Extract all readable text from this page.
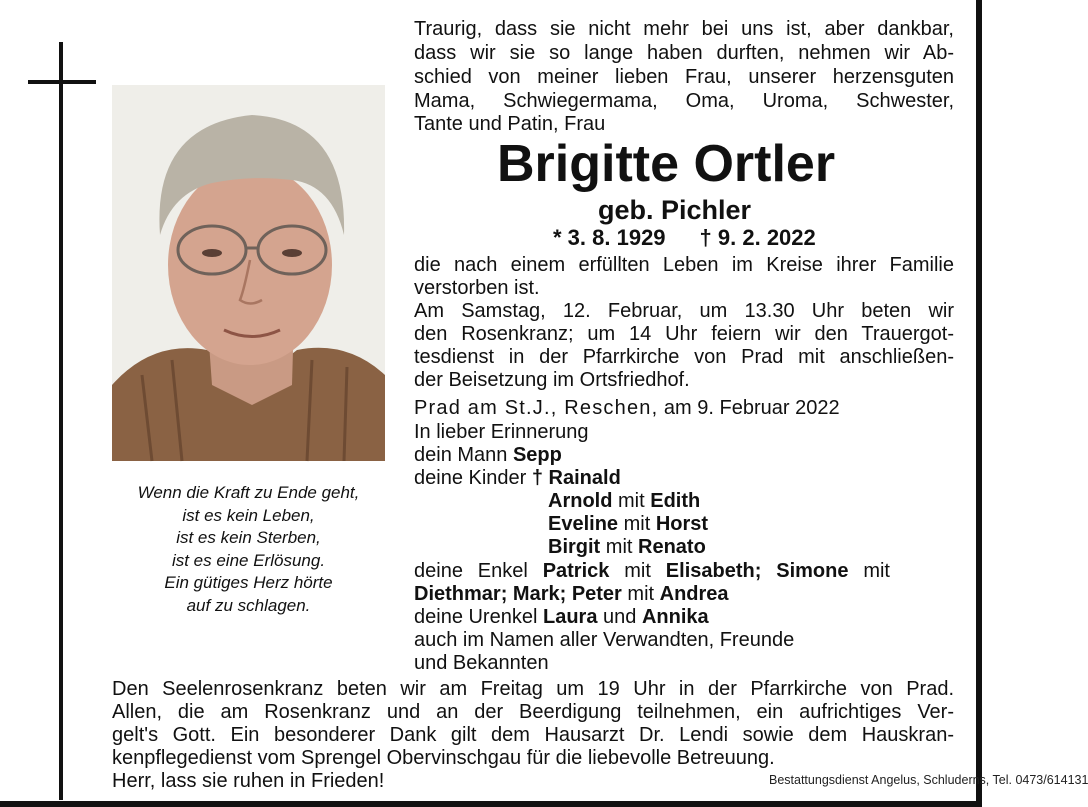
Wenn die Kraft zu Ende geht,
ist es kein Leben,
ist es kein Sterben,
ist es eine Erlösung.
Ein gütiges Herz hörte
auf zu schlagen.
Traurig, dass sie nicht mehr bei uns ist, aber dankbar,
dass wir sie so lange haben durften, nehmen wir Ab-
schied von meiner lieben Frau, unserer herzensguten
Mama, Schwiegermama, Oma, Uroma, Schwester,
Tante und Patin, Frau
Brigitte Ortler
geb. Pichler
* 3. 8. 1929 † 9. 2. 2022
die nach einem erfüllten Leben im Kreise ihrer Familie
verstorben ist.
Am Samstag, 12. Februar, um 13.30 Uhr beten wir
den Rosenkranz; um 14 Uhr feiern wir den Trauergot-
tesdienst in der Pfarrkirche von Prad mit anschließen-
der Beisetzung im Ortsfriedhof.
Prad am St.J., Reschen, am 9. Februar 2022
In lieber Erinnerung
dein Mann Sepp
deine Kinder † Rainald
Arnold mit Edith
Eveline mit Horst
Birgit mit Renato
deine Enkel Patrick mit Elisabeth; Simone mit
Diethmar; Mark; Peter mit Andrea
deine Urenkel Laura und Annika
auch im Namen aller Verwandten, Freunde
und Bekannten
Den Seelenrosenkranz beten wir am Freitag um 19 Uhr in der Pfarrkirche von Prad.
Allen, die am Rosenkranz und an der Beerdigung teilnehmen, ein aufrichtiges Ver-
gelt's Gott. Ein besonderer Dank gilt dem Hausarzt Dr. Lendi sowie dem Hauskran-
kenpflegedienst vom Sprengel Obervinschgau für die liebevolle Betreuung.
Herr, lass sie ruhen in Frieden!	Bestattungsdienst Angelus, Schluderns, Tel. 0473/614131
